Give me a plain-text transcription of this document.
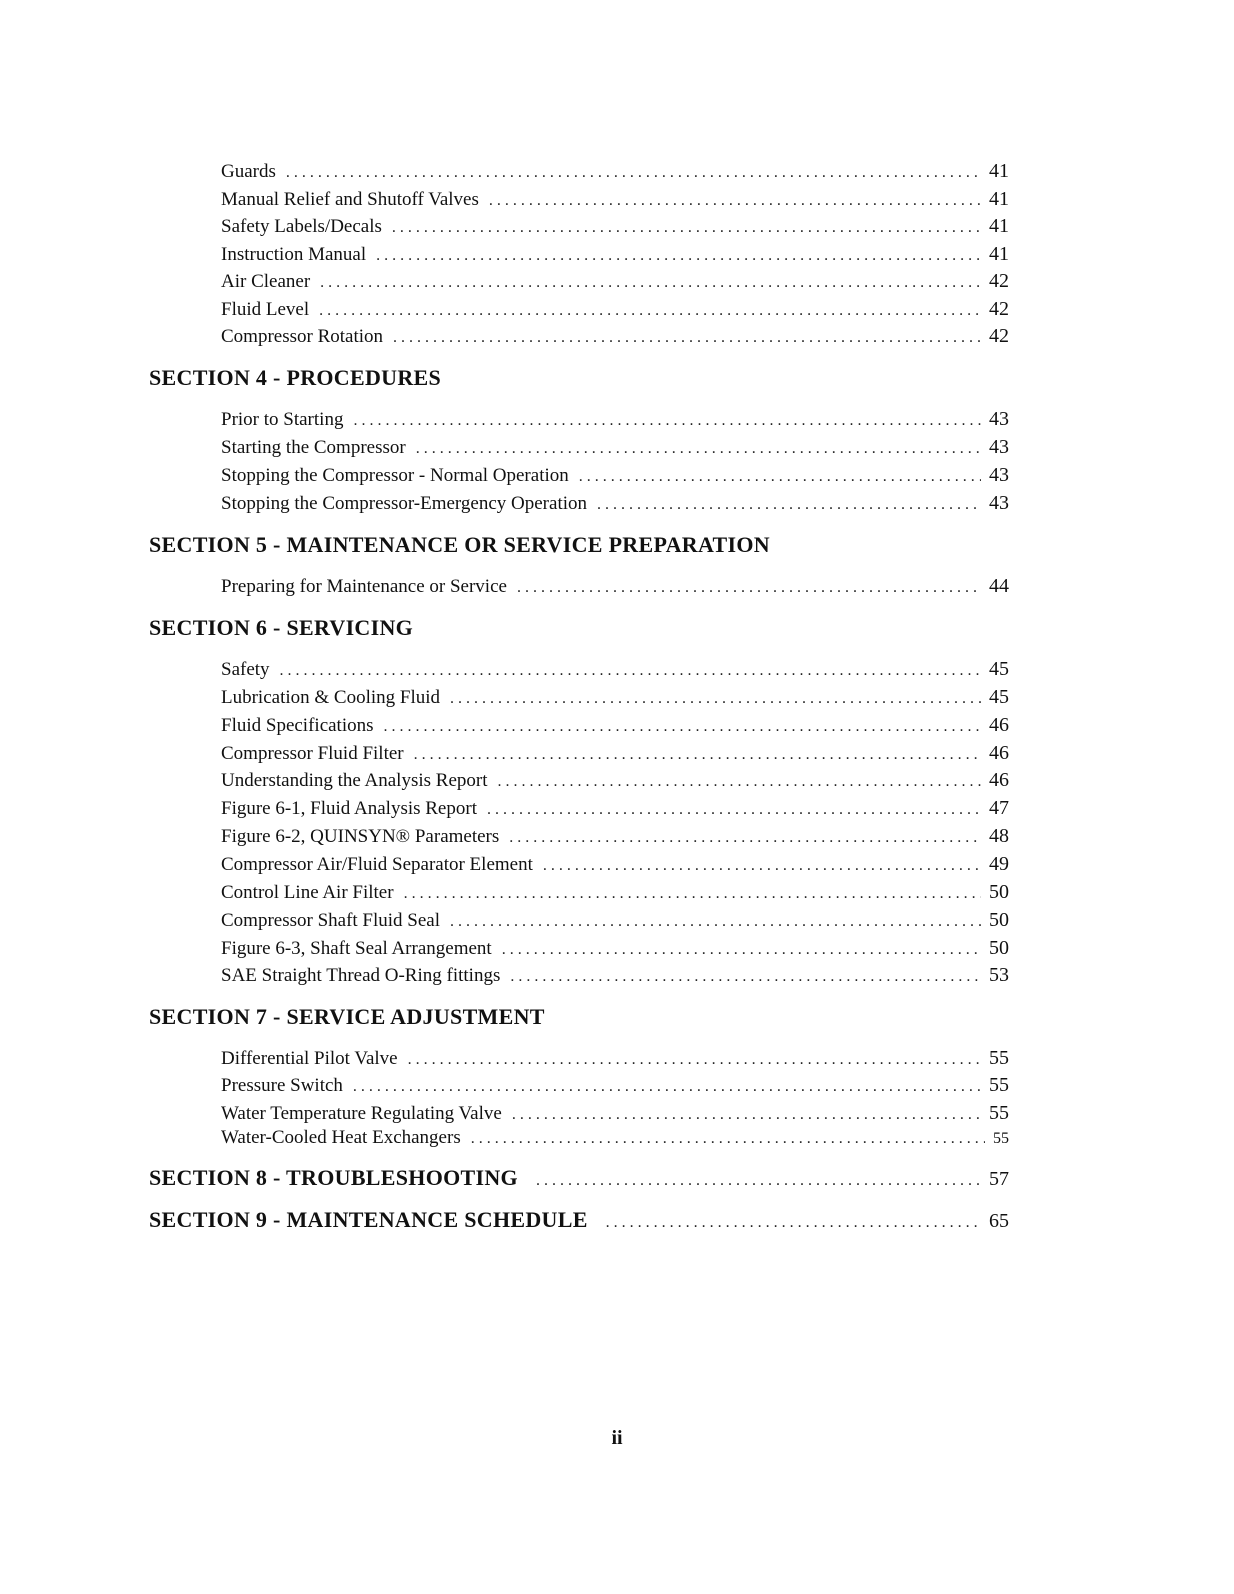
Guards . . .	41
Manual Relief and Shutoff Valves . . .	41
Safety Labels/Decals . . .	41
Instruction Manual . . .	41
Air Cleaner . . .	42
Fluid Level . . .	42
Compressor Rotation . . .	42
SECTION 4 - PROCEDURES
Prior to Starting . . .	43
Starting the Compressor . . .	43
Stopping the Compressor - Normal Operation . . .	43
Stopping the Compressor-Emergency Operation . . .	43
SECTION 5 - MAINTENANCE OR SERVICE PREPARATION
Preparing for Maintenance or Service . . .	44
SECTION 6 - SERVICING
Safety . . .	45
Lubrication & Cooling Fluid . . .	45
Fluid Specifications . . .	46
Compressor Fluid Filter . . .	46
Understanding the Analysis Report . . .	46
Figure 6-1, Fluid Analysis Report . . .	47
Figure 6-2, QUINSYN® Parameters . . .	48
Compressor Air/Fluid Separator Element . . .	49
Control Line Air Filter . . .	50
Compressor Shaft Fluid Seal . . .	50
Figure 6-3, Shaft Seal Arrangement . . .	50
SAE Straight Thread O-Ring fittings . . .	53
SECTION 7 - SERVICE ADJUSTMENT
Differential Pilot Valve . . .	55
Pressure Switch . . .	55
Water Temperature Regulating Valve . . .	55
Water-Cooled Heat Exchangers . . .	55
SECTION 8 - TROUBLESHOOTING . . .	57
SECTION 9 - MAINTENANCE SCHEDULE . . .	65
ii
